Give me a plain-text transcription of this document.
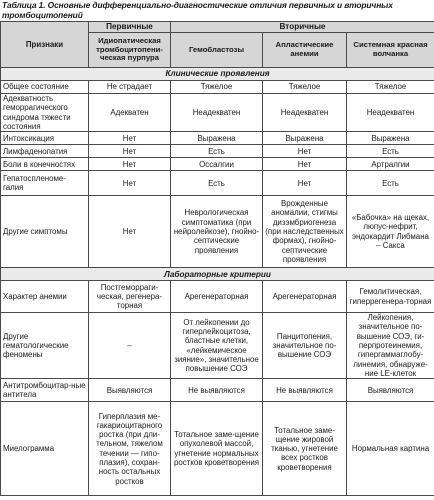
Таблица 1. Основные дифференциально-диагностические отличия первичных и вторичных тромбоцитопений
Признаки	Первичные	Вторичные		
	Идиопатическая тромбоцитопени-ческая пурпура	Гемобластозы	Апластические анемии	Системная красная волчанка
Клинические проявления				
Общее состояние	Не страдает	Тяжелое	Тяжелое	Тяжелое
Адекватность геморрагического синдрома тяжести состояния	Адекватен	Неадекватен	Неадекватен	Неадекватен
Интоксикация	Нет	Выражена	Выражена	Выражена
Лимфаденопатия	Нет	Есть	Нет	Есть
Боли в конечностях	Нет	Оссалгии	Нет	Артралгии
Гепатоспленоме-галия	Нет	Есть	Нет	Есть
Другие симптомы	Нет	Неврологическая симптоматика (при нейролейкозе), гнойно-септические проявления	Врожденные аномалии, стигмы дизэмбриогенеза (при наследственных формах), гнойно-септические проявления	«Бабочка» на щеках, люпус-нефрит, эндокардит Либмана – Сакса
Лабораторные критерии				
Характер анемии	Постгеморраги-ческая, регенера-торная	Арегенераторная	Арегенераторная	Гемолитическая, гиперрегенера-торная
Другие гематологические феномены	–	От лейкопении до гиперлейкоцитоза, бластные клетки, «лейкемическое зияние», значительное повышение СОЭ	Панцитопения, значительное по-вышение СОЭ	Лейкопения, значительное по-вышение СОЭ, ги-перпротеинемия, гипергаммаглобу-линемия, обнаруже-ние LE-клеток
Антитромбоцитар-ные антитела	Выявляются	Не выявляются	Не выявляются	Выявляются
Миелограмма	Гиперплазия ме-гакариоцитарного ростка (при дли-тельном, тяжелом течении — гипо-плазия), сохран-ность остальных ростков	Тотальное заме-щение опухолевой массой, угнетение нормальных ростков кроветворения	Тотальное заме-щение жировой тканью, угнетение всех ростков кроветворения	Нормальная картина
